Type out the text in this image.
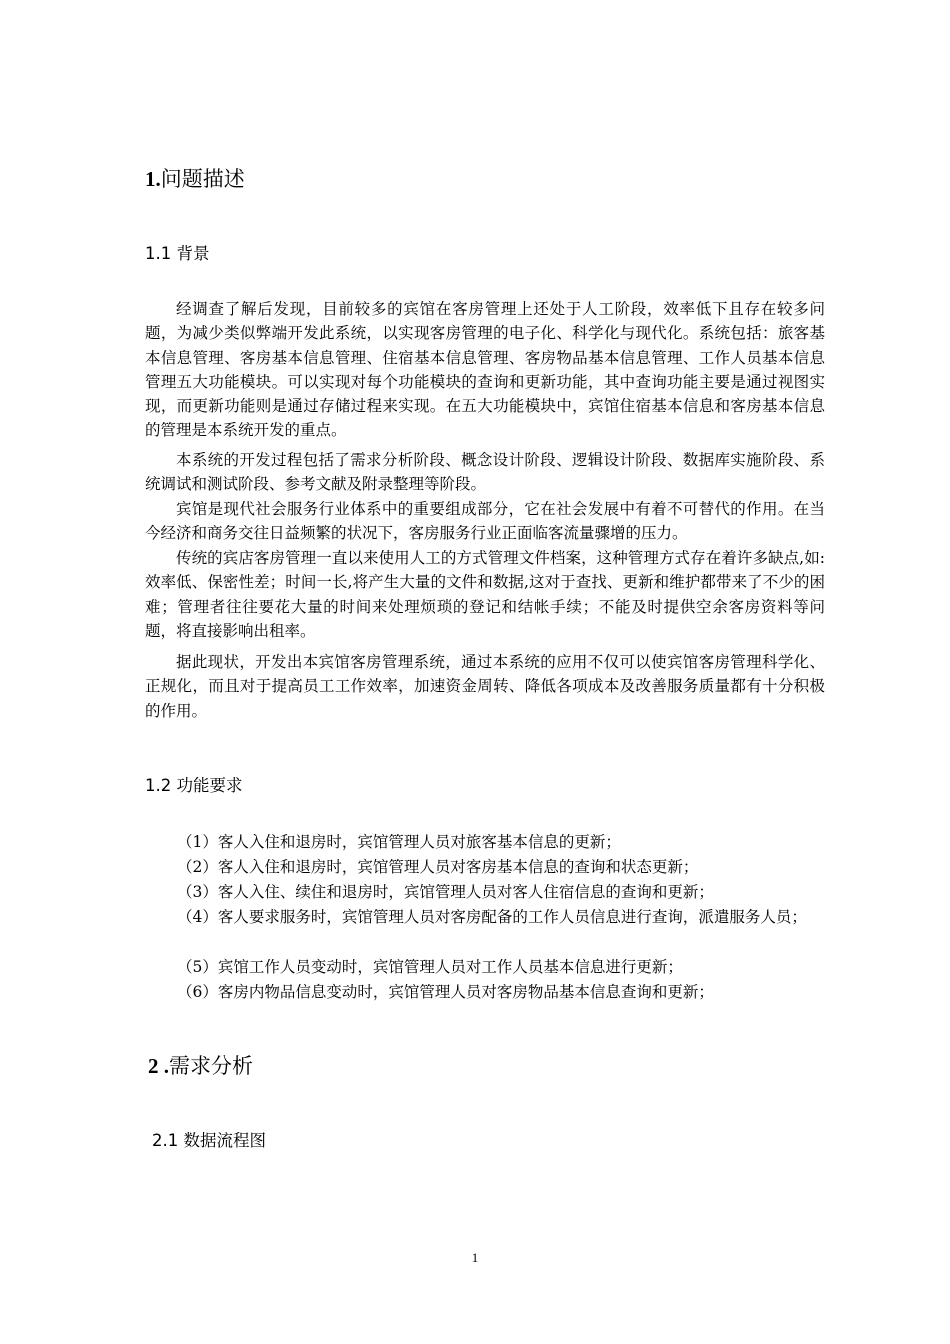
1.问题描述
1.1 背景

经调查了解后发现，目前较多的宾馆在客房管理上还处于人工阶段，效率低下且存在较多问题，为减少类似弊端开发此系统，以实现客房管理的电子化、科学化与现代化。系统包括：旅客基本信息管理、客房基本信息管理、住宿基本信息管理、客房物品基本信息管理、工作人员基本信息管理五大功能模块。可以实现对每个功能模块的查询和更新功能，其中查询功能主要是通过视图实现，而更新功能则是通过存储过程来实现。在五大功能模块中，宾馆住宿基本信息和客房基本信息的管理是本系统开发的重点。

本系统的开发过程包括了需求分析阶段、概念设计阶段、逻辑设计阶段、数据库实施阶段、系统调试和测试阶段、参考文献及附录整理等阶段。

宾馆是现代社会服务行业体系中的重要组成部分，它在社会发展中有着不可替代的作用。在当今经济和商务交往日益频繁的状况下，客房服务行业正面临客流量骤增的压力。

传统的宾店客房管理一直以来使用人工的方式管理文件档案，这种管理方式存在着许多缺点,如:效率低、保密性差；时间一长,将产生大量的文件和数据,这对于查找、更新和维护都带来了不少的困难；管理者往往要花大量的时间来处理烦琐的登记和结帐手续；不能及时提供空余客房资料等问题，将直接影响出租率。

据此现状，开发出本宾馆客房管理系统，通过本系统的应用不仅可以使宾馆客房管理科学化、正规化，而且对于提高员工工作效率，加速资金周转、降低各项成本及改善服务质量都有十分积极的作用。

1.2 功能要求

（1）客人入住和退房时，宾馆管理人员对旅客基本信息的更新；

（2）客人入住和退房时，宾馆管理人员对客房基本信息的查询和状态更新；

（3）客人入住、续住和退房时，宾馆管理人员对客人住宿信息的查询和更新；

（4）客人要求服务时，宾馆管理人员对客房配备的工作人员信息进行查询，派遣服务人员；

（5）宾馆工作人员变动时，宾馆管理人员对工作人员基本信息进行更新；

（6）客房内物品信息变动时，宾馆管理人员对客房物品基本信息查询和更新；

2 .需求分析
2.1 数据流程图
1
